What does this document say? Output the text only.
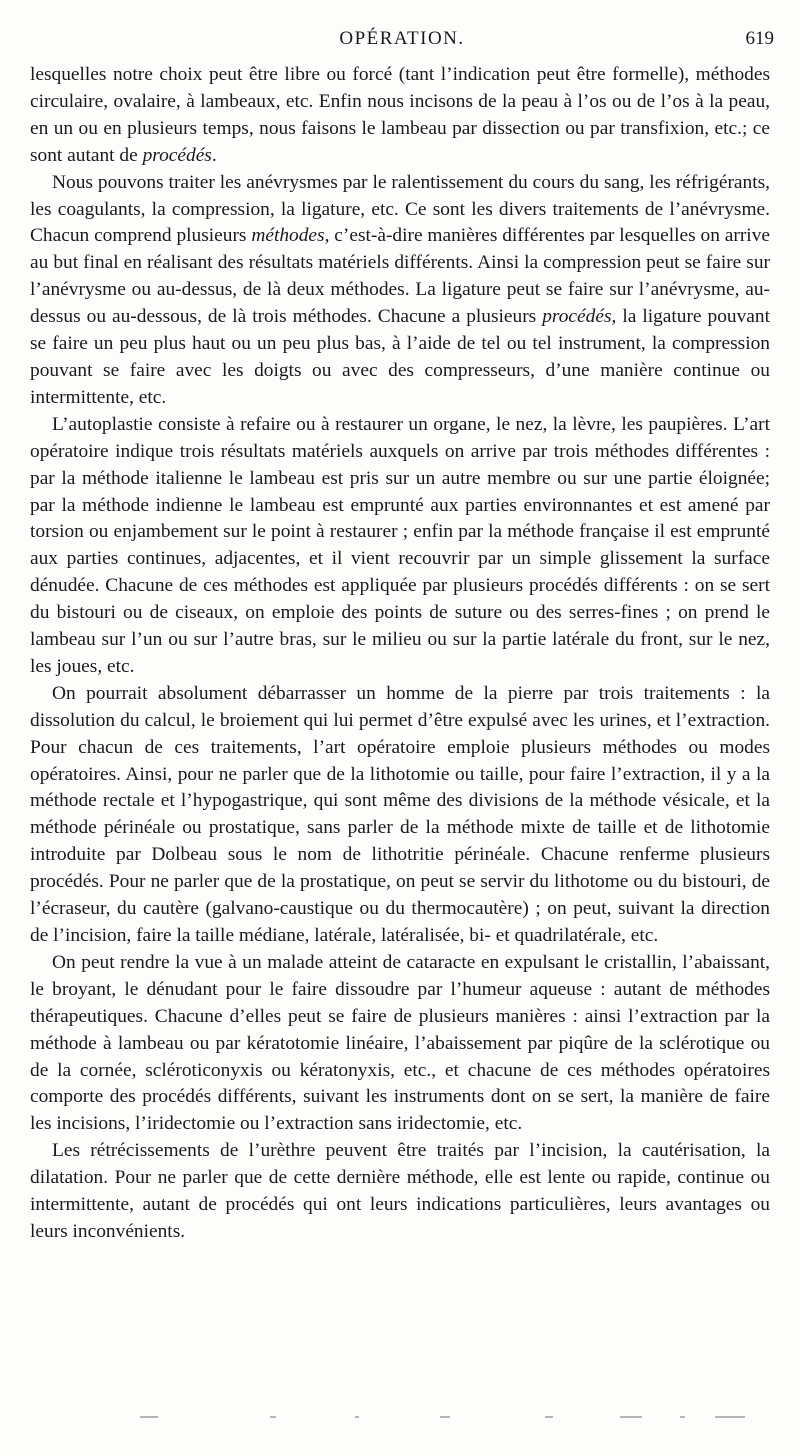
OPÉRATION.	619

lesquelles notre choix peut être libre ou forcé (tant l’indication peut être formelle), méthodes circulaire, ovalaire, à lambeaux, etc. Enfin nous incisons de la peau à l’os ou de l’os à la peau, en un ou en plusieurs temps, nous faisons le lambeau par dissection ou par transfixion, etc.; ce sont autant de procédés.

Nous pouvons traiter les anévrysmes par le ralentissement du cours du sang, les réfrigérants, les coagulants, la compression, la ligature, etc. Ce sont les divers traitements de l’anévrysme. Chacun comprend plusieurs méthodes, c’est-à-dire manières différentes par lesquelles on arrive au but final en réalisant des résultats matériels différents. Ainsi la compression peut se faire sur l’anévrysme ou au-dessus, de là deux méthodes. La ligature peut se faire sur l’anévrysme, au-dessus ou au-dessous, de là trois méthodes. Chacune a plusieurs procédés, la ligature pouvant se faire un peu plus haut ou un peu plus bas, à l’aide de tel ou tel instrument, la compression pouvant se faire avec les doigts ou avec des compresseurs, d’une manière continue ou intermittente, etc.

L’autoplastie consiste à refaire ou à restaurer un organe, le nez, la lèvre, les paupières. L’art opératoire indique trois résultats matériels auxquels on arrive par trois méthodes différentes : par la méthode italienne le lambeau est pris sur un autre membre ou sur une partie éloignée; par la méthode indienne le lambeau est emprunté aux parties environnantes et est amené par torsion ou enjambement sur le point à restaurer ; enfin par la méthode française il est emprunté aux parties continues, adjacentes, et il vient recouvrir par un simple glissement la surface dénudée. Chacune de ces méthodes est appliquée par plusieurs procédés différents : on se sert du bistouri ou de ciseaux, on emploie des points de suture ou des serres-fines ; on prend le lambeau sur l’un ou sur l’autre bras, sur le milieu ou sur la partie latérale du front, sur le nez, les joues, etc.

On pourrait absolument débarrasser un homme de la pierre par trois traitements : la dissolution du calcul, le broiement qui lui permet d’être expulsé avec les urines, et l’extraction. Pour chacun de ces traitements, l’art opératoire emploie plusieurs méthodes ou modes opératoires. Ainsi, pour ne parler que de la lithotomie ou taille, pour faire l’extraction, il y a la méthode rectale et l’hypogastrique, qui sont même des divisions de la méthode vésicale, et la méthode périnéale ou prostatique, sans parler de la méthode mixte de taille et de lithotomie introduite par Dolbeau sous le nom de lithotritie périnéale. Chacune renferme plusieurs procédés. Pour ne parler que de la prostatique, on peut se servir du lithotome ou du bistouri, de l’écraseur, du cautère (galvano-caustique ou du thermocautère) ; on peut, suivant la direction de l’incision, faire la taille médiane, latérale, latéralisée, bi- et quadrilatérale, etc.

On peut rendre la vue à un malade atteint de cataracte en expulsant le cristallin, l’abaissant, le broyant, le dénudant pour le faire dissoudre par l’humeur aqueuse : autant de méthodes thérapeutiques. Chacune d’elles peut se faire de plusieurs manières : ainsi l’extraction par la méthode à lambeau ou par kératotomie linéaire, l’abaissement par piqûre de la sclérotique ou de la cornée, scléroticonyxis ou kératonyxis, etc., et chacune de ces méthodes opératoires comporte des procédés différents, suivant les instruments dont on se sert, la manière de faire les incisions, l’iridectomie ou l’extraction sans iridectomie, etc.

Les rétrécissements de l’urèthre peuvent être traités par l’incision, la cautérisation, la dilatation. Pour ne parler que de cette dernière méthode, elle est lente ou rapide, continue ou intermittente, autant de procédés qui ont leurs indications particulières, leurs avantages ou leurs inconvénients.
